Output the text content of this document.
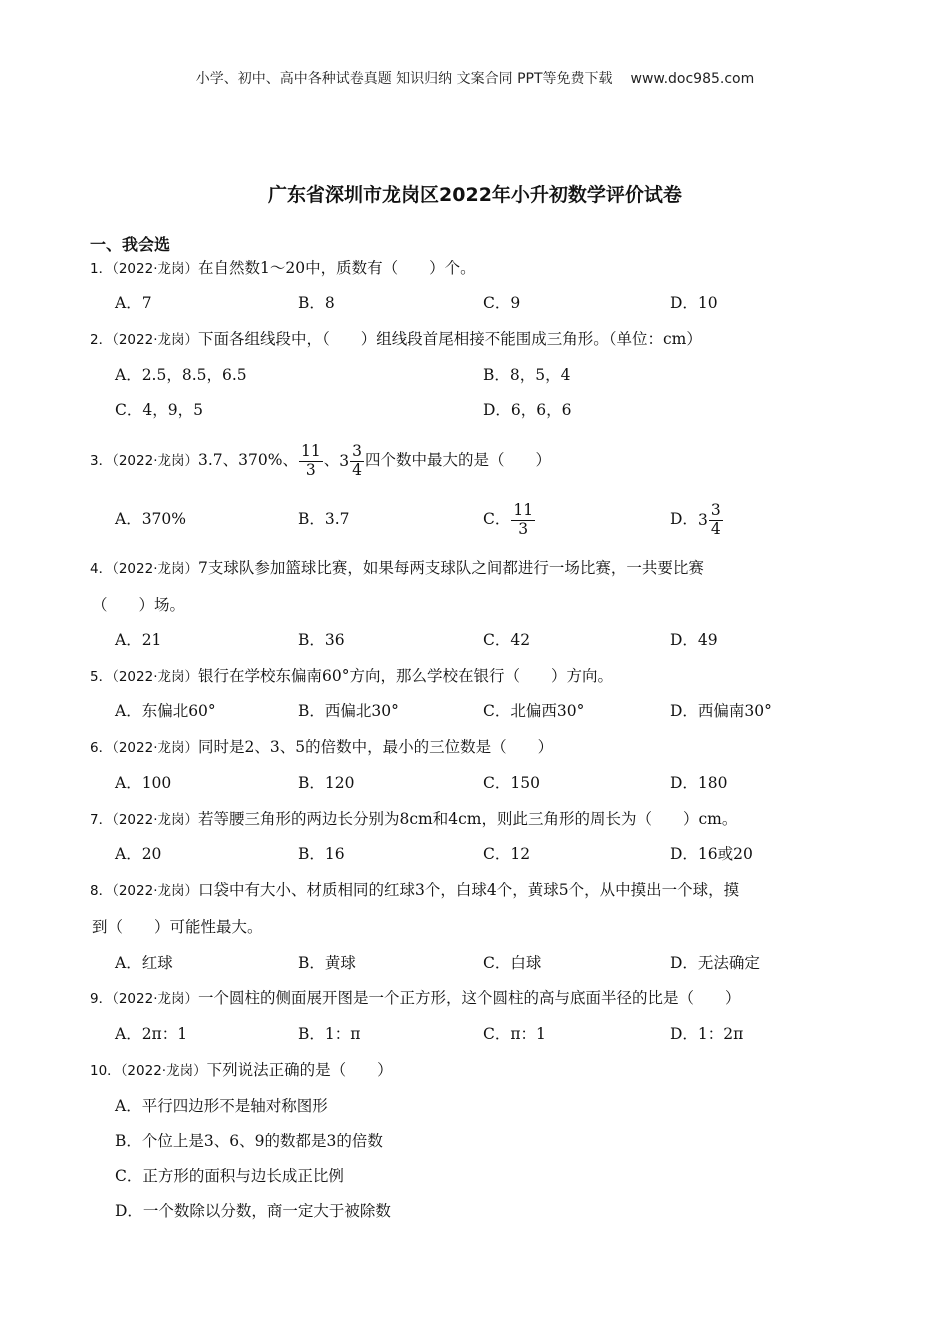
小学、初中、高中各种试卷真题 知识归纳 文案合同 PPT等免费下载 www.doc985.com
广东省深圳市龙岗区2022年小升初数学评价试卷
一、我会选
1．（2022·龙岗）在自然数1～20中，质数有（　　）个。
A．7	B．8	C．9	D．10
2．（2022·龙岗）下面各组线段中，（　　）组线段首尾相接不能围成三角形。（单位：cm）
A．2.5，8.5，6.5	B．8，5，4
C．4，9，5	D．6，6，6
3．（2022·龙岗）3.7、370%、 $\frac{11}{3}$ 、$3 \frac{3}{4}$ 四个数中最大的是（　　）
A．370%	B．3.7	C． $\frac{11}{3}$	D．$3 \frac{3}{4}$
4．（2022·龙岗）7支球队参加篮球比赛，如果每两支球队之间都进行一场比赛，一共要比赛
（　　）场。
A．21	B．36	C．42	D．49
5．（2022·龙岗）银行在学校东偏南60°方向，那么学校在银行（　　）方向。
A．东偏北60°	B．西偏北30°	C．北偏西30°	D．西偏南30°
6．（2022·龙岗）同时是2、3、5的倍数中，最小的三位数是（　　）
A．100	B．120	C．150	D．180
7．（2022·龙岗）若等腰三角形的两边长分别为8cm和4cm，则此三角形的周长为（　　）cm。
A．20	B．16	C．12	D．16或20
8．（2022·龙岗）口袋中有大小、材质相同的红球3个，白球4个，黄球5个，从中摸出一个球，摸
到（　　）可能性最大。
A．红球	B．黄球	C．白球	D．无法确定
9．（2022·龙岗）一个圆柱的侧面展开图是一个正方形，这个圆柱的高与底面半径的比是（　　）
A．2π：1	B．1：π	C．π：1	D．1：2π
10．（2022·龙岗）下列说法正确的是（　　）
A．平行四边形不是轴对称图形
B．个位上是3、6、9的数都是3的倍数
C．正方形的面积与边长成正比例
D．一个数除以分数，商一定大于被除数
